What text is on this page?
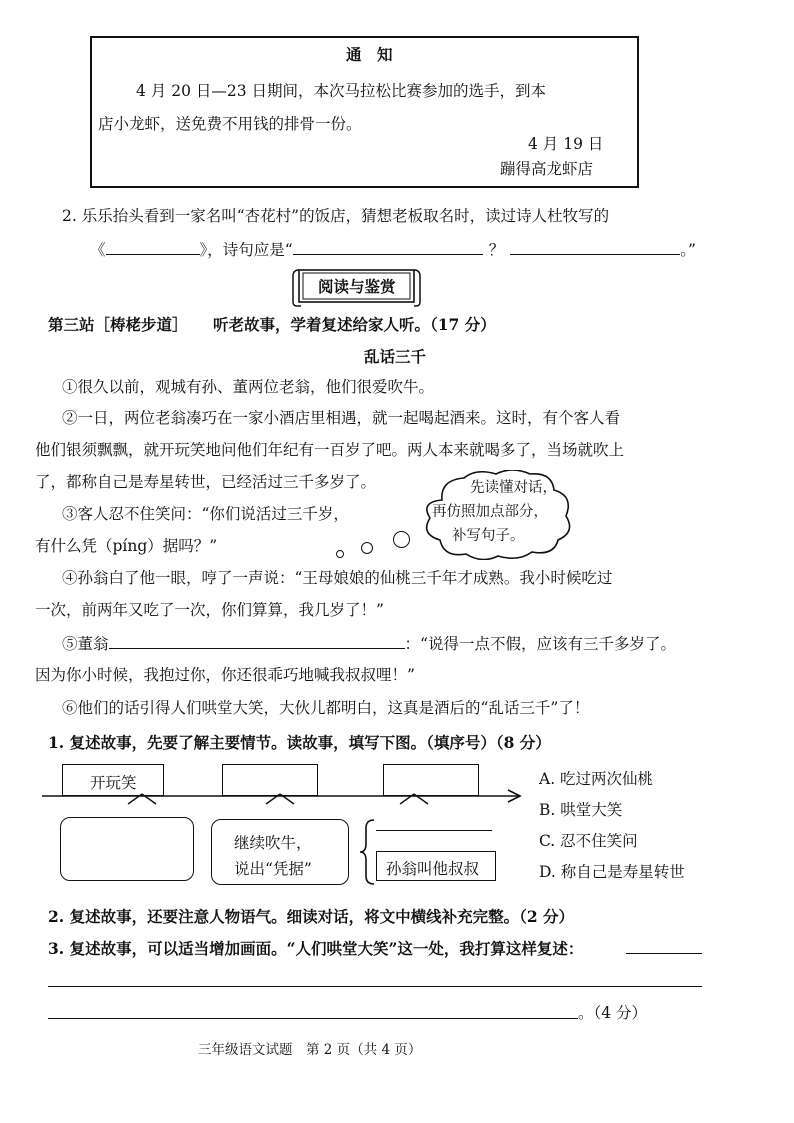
通　知
4 月 20 日—23 日期间，本次马拉松比赛参加的选手，到本
店小龙虾，送免费不用钱的排骨一份。
4 月 19 日
蹦得高龙虾店
2. 乐乐抬头看到一家名叫“杏花村”的饭店，猜想老板取名时，读过诗人杜牧写的
《	》，诗句应是“	？	。”
阅读与鉴赏
第三站［梼栳步道］ 听老故事，学着复述给家人听。（17 分）
乱话三千
①很久以前，观城有孙、董两位老翁，他们很爱吹牛。
②一日，两位老翁凑巧在一家小酒店里相遇，就一起喝起酒来。这时，有个客人看
他们银须飘飘，就开玩笑地问他们年纪有一百岁了吧。两人本来就喝多了，当场就吹上
了，都称自己是寿星转世，已经活过三千多岁了。
③客人忍不住笑问：“你们说活过三千岁，
有什么凭（píng）据吗？”
先读懂对话，
再仿照加点部分，
补写句子。
④孙翁白了他一眼，哼了一声说：“王母娘娘的仙桃三千年才成熟。我小时候吃过
一次，前两年又吃了一次，你们算算，我几岁了！”
⑤董翁	：“说得一点不假，应该有三千多岁了。
因为你小时候，我抱过你，你还很乖巧地喊我叔叔哩！”
⑥他们的话引得人们哄堂大笑，大伙儿都明白，这真是酒后的“乱话三千”了！
1. 复述故事，先要了解主要情节。读故事，填写下图。（填序号）（8 分）
开玩笑
继续吹牛，
说出“凭据”	孙翁叫他叔叔
A. 吃过两次仙桃
B. 哄堂大笑
C. 忍不住笑问
D. 称自己是寿星转世
2. 复述故事，还要注意人物语气。细读对话，将文中横线补充完整。（2 分）
3. 复述故事，可以适当增加画面。“人们哄堂大笑”这一处，我打算这样复述：
。（4 分）
三年级语文试题　第 2 页（共 4 页）
